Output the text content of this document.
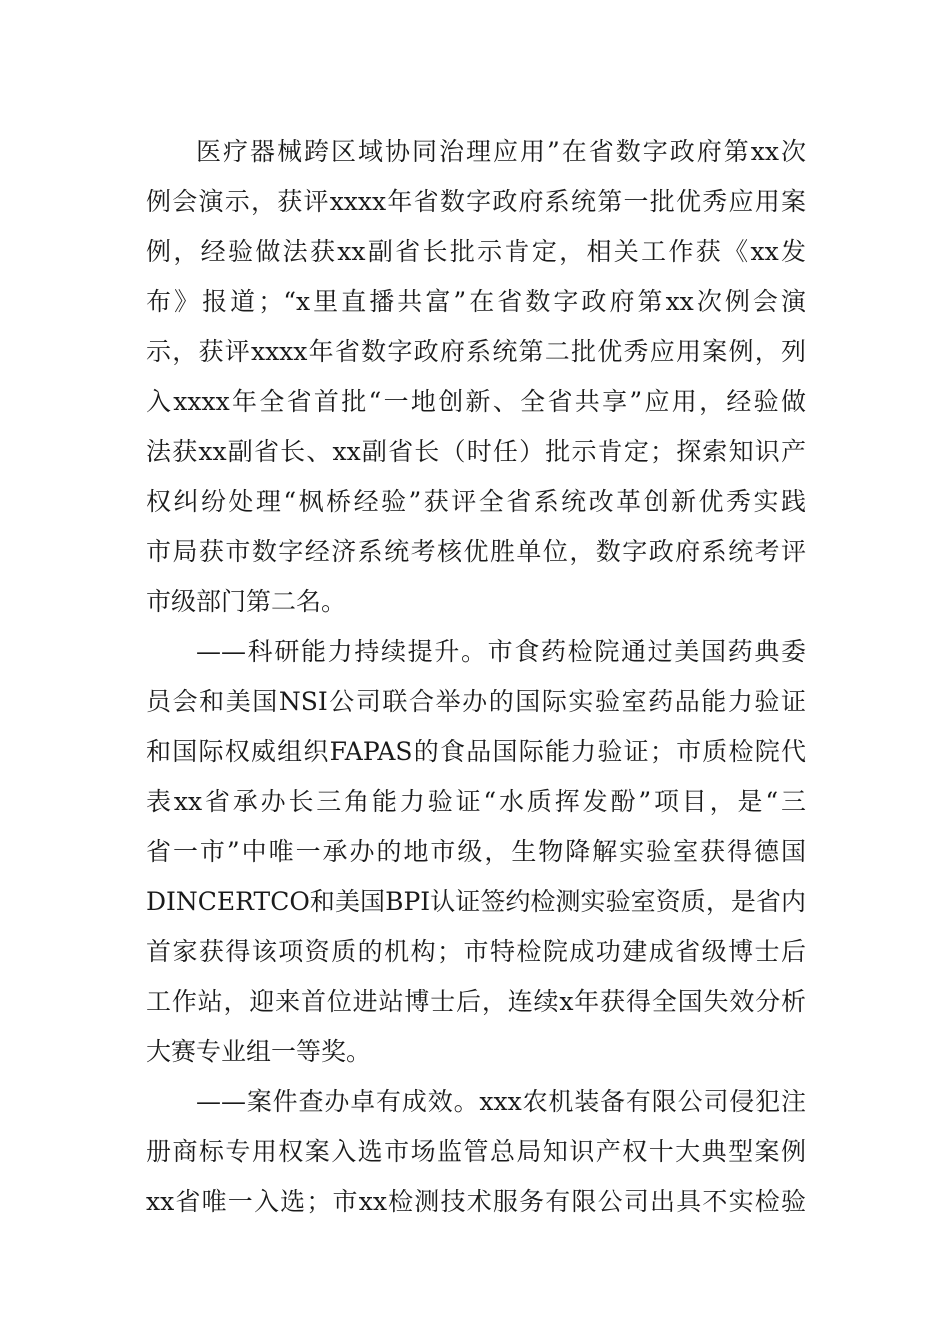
医疗器械跨区域协同治理应用”在省数字政府第xx次
例会演示，获评xxxx年省数字政府系统第一批优秀应用案
例，经验做法获xx副省长批示肯定，相关工作获《xx发
布》报道；“x里直播共富”在省数字政府第xx次例会演
示，获评xxxx年省数字政府系统第二批优秀应用案例，列
入xxxx年全省首批“一地创新、全省共享”应用，经验做
法获xx副省长、xx副省长（时任）批示肯定；探索知识产
权纠纷处理“枫桥经验”获评全省系统改革创新优秀实践
市局获市数字经济系统考核优胜单位，数字政府系统考评
市级部门第二名。
——科研能力持续提升。市食药检院通过美国药典委
员会和美国NSI公司联合举办的国际实验室药品能力验证
和国际权威组织FAPAS的食品国际能力验证；市质检院代
表xx省承办长三角能力验证“水质挥发酚”项目，是“三
省一市”中唯一承办的地市级，生物降解实验室获得德国
DINCERTCO和美国BPI认证签约检测实验室资质，是省内
首家获得该项资质的机构；市特检院成功建成省级博士后
工作站，迎来首位进站博士后，连续x年获得全国失效分析
大赛专业组一等奖。
——案件查办卓有成效。xxx农机装备有限公司侵犯注
册商标专用权案入选市场监管总局知识产权十大典型案例
xx省唯一入选；市xx检测技术服务有限公司出具不实检验
